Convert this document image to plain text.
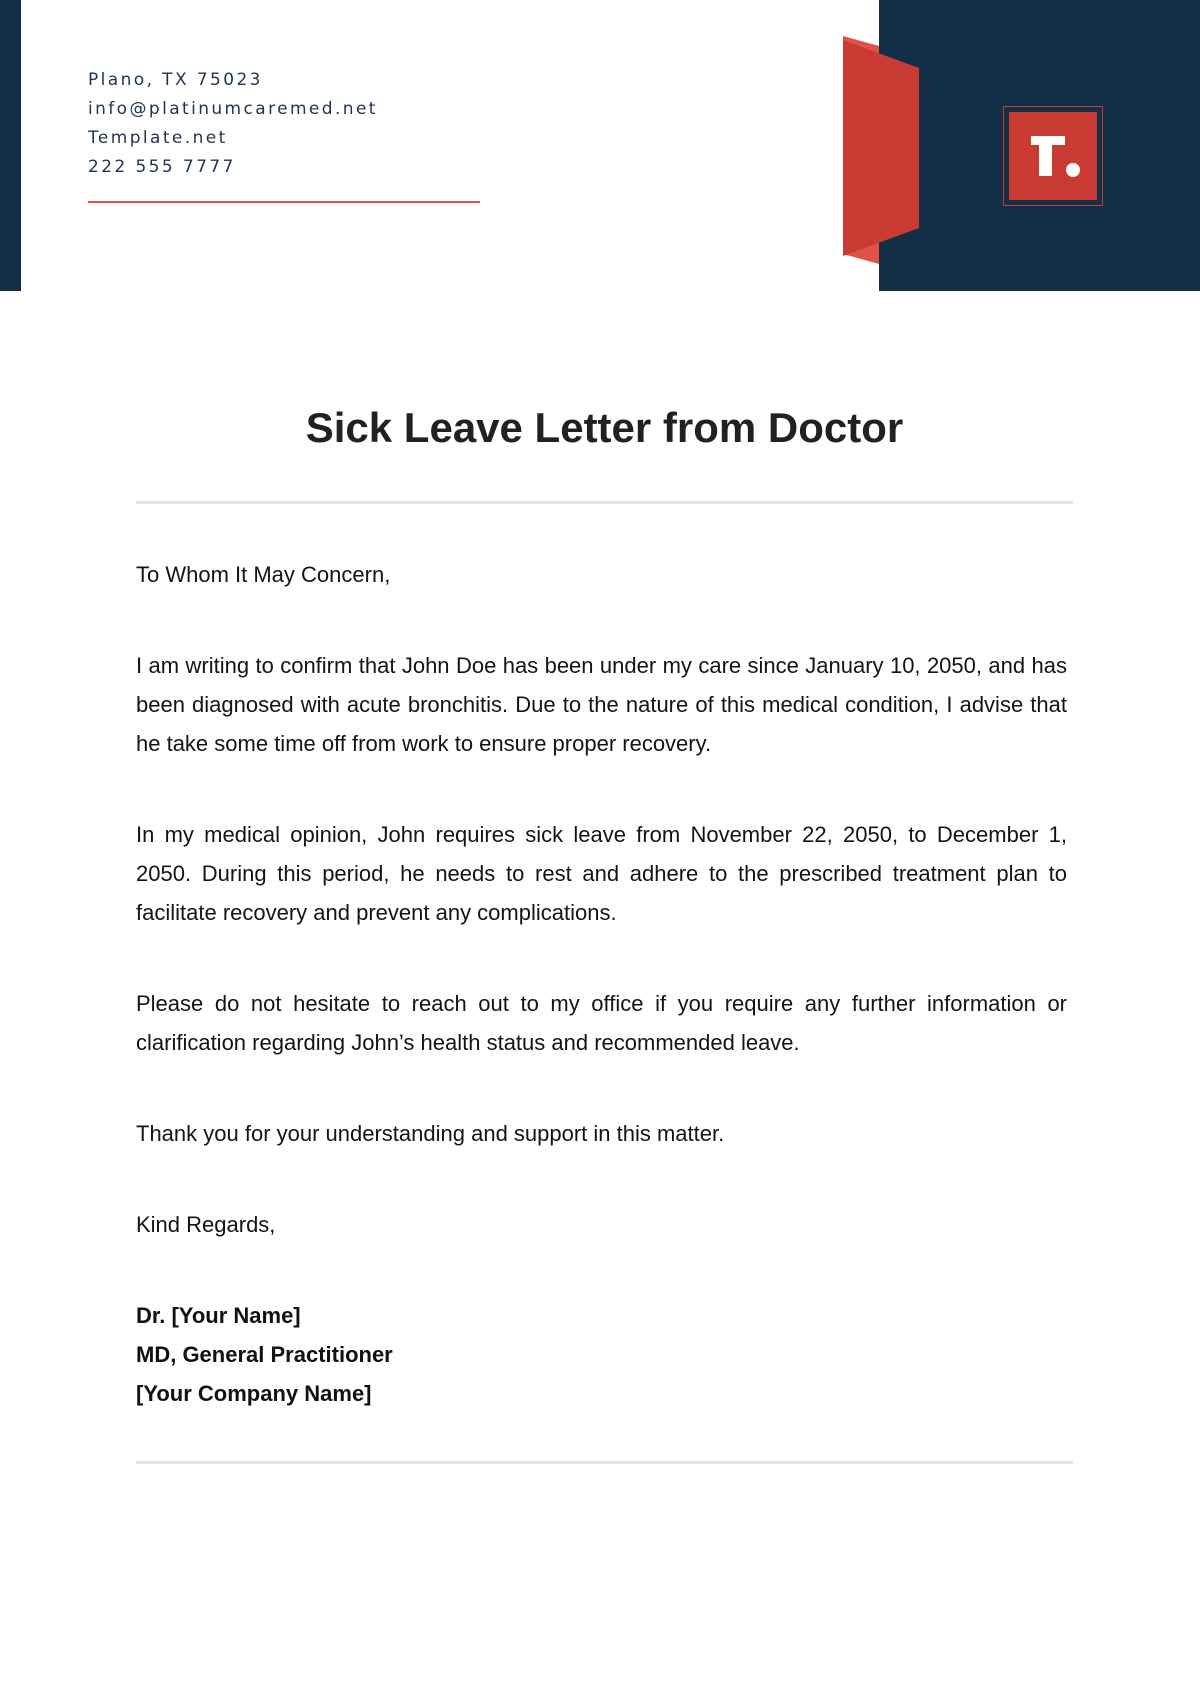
Plano, TX 75023
info@platinumcaremed.net
Template.net
222 555 7777
Sick Leave Letter from Doctor
To Whom It May Concern,
I am writing to confirm that John Doe has been under my care since January 10, 2050, and has been diagnosed with acute bronchitis. Due to the nature of this medical condition, I advise that he take some time off from work to ensure proper recovery.
In my medical opinion, John requires sick leave from November 22, 2050, to December 1, 2050. During this period, he needs to rest and adhere to the prescribed treatment plan to facilitate recovery and prevent any complications.
Please do not hesitate to reach out to my office if you require any further information or clarification regarding John’s health status and recommended leave.
Thank you for your understanding and support in this matter.
Kind Regards,
Dr. [Your Name]
MD, General Practitioner
[Your Company Name]
